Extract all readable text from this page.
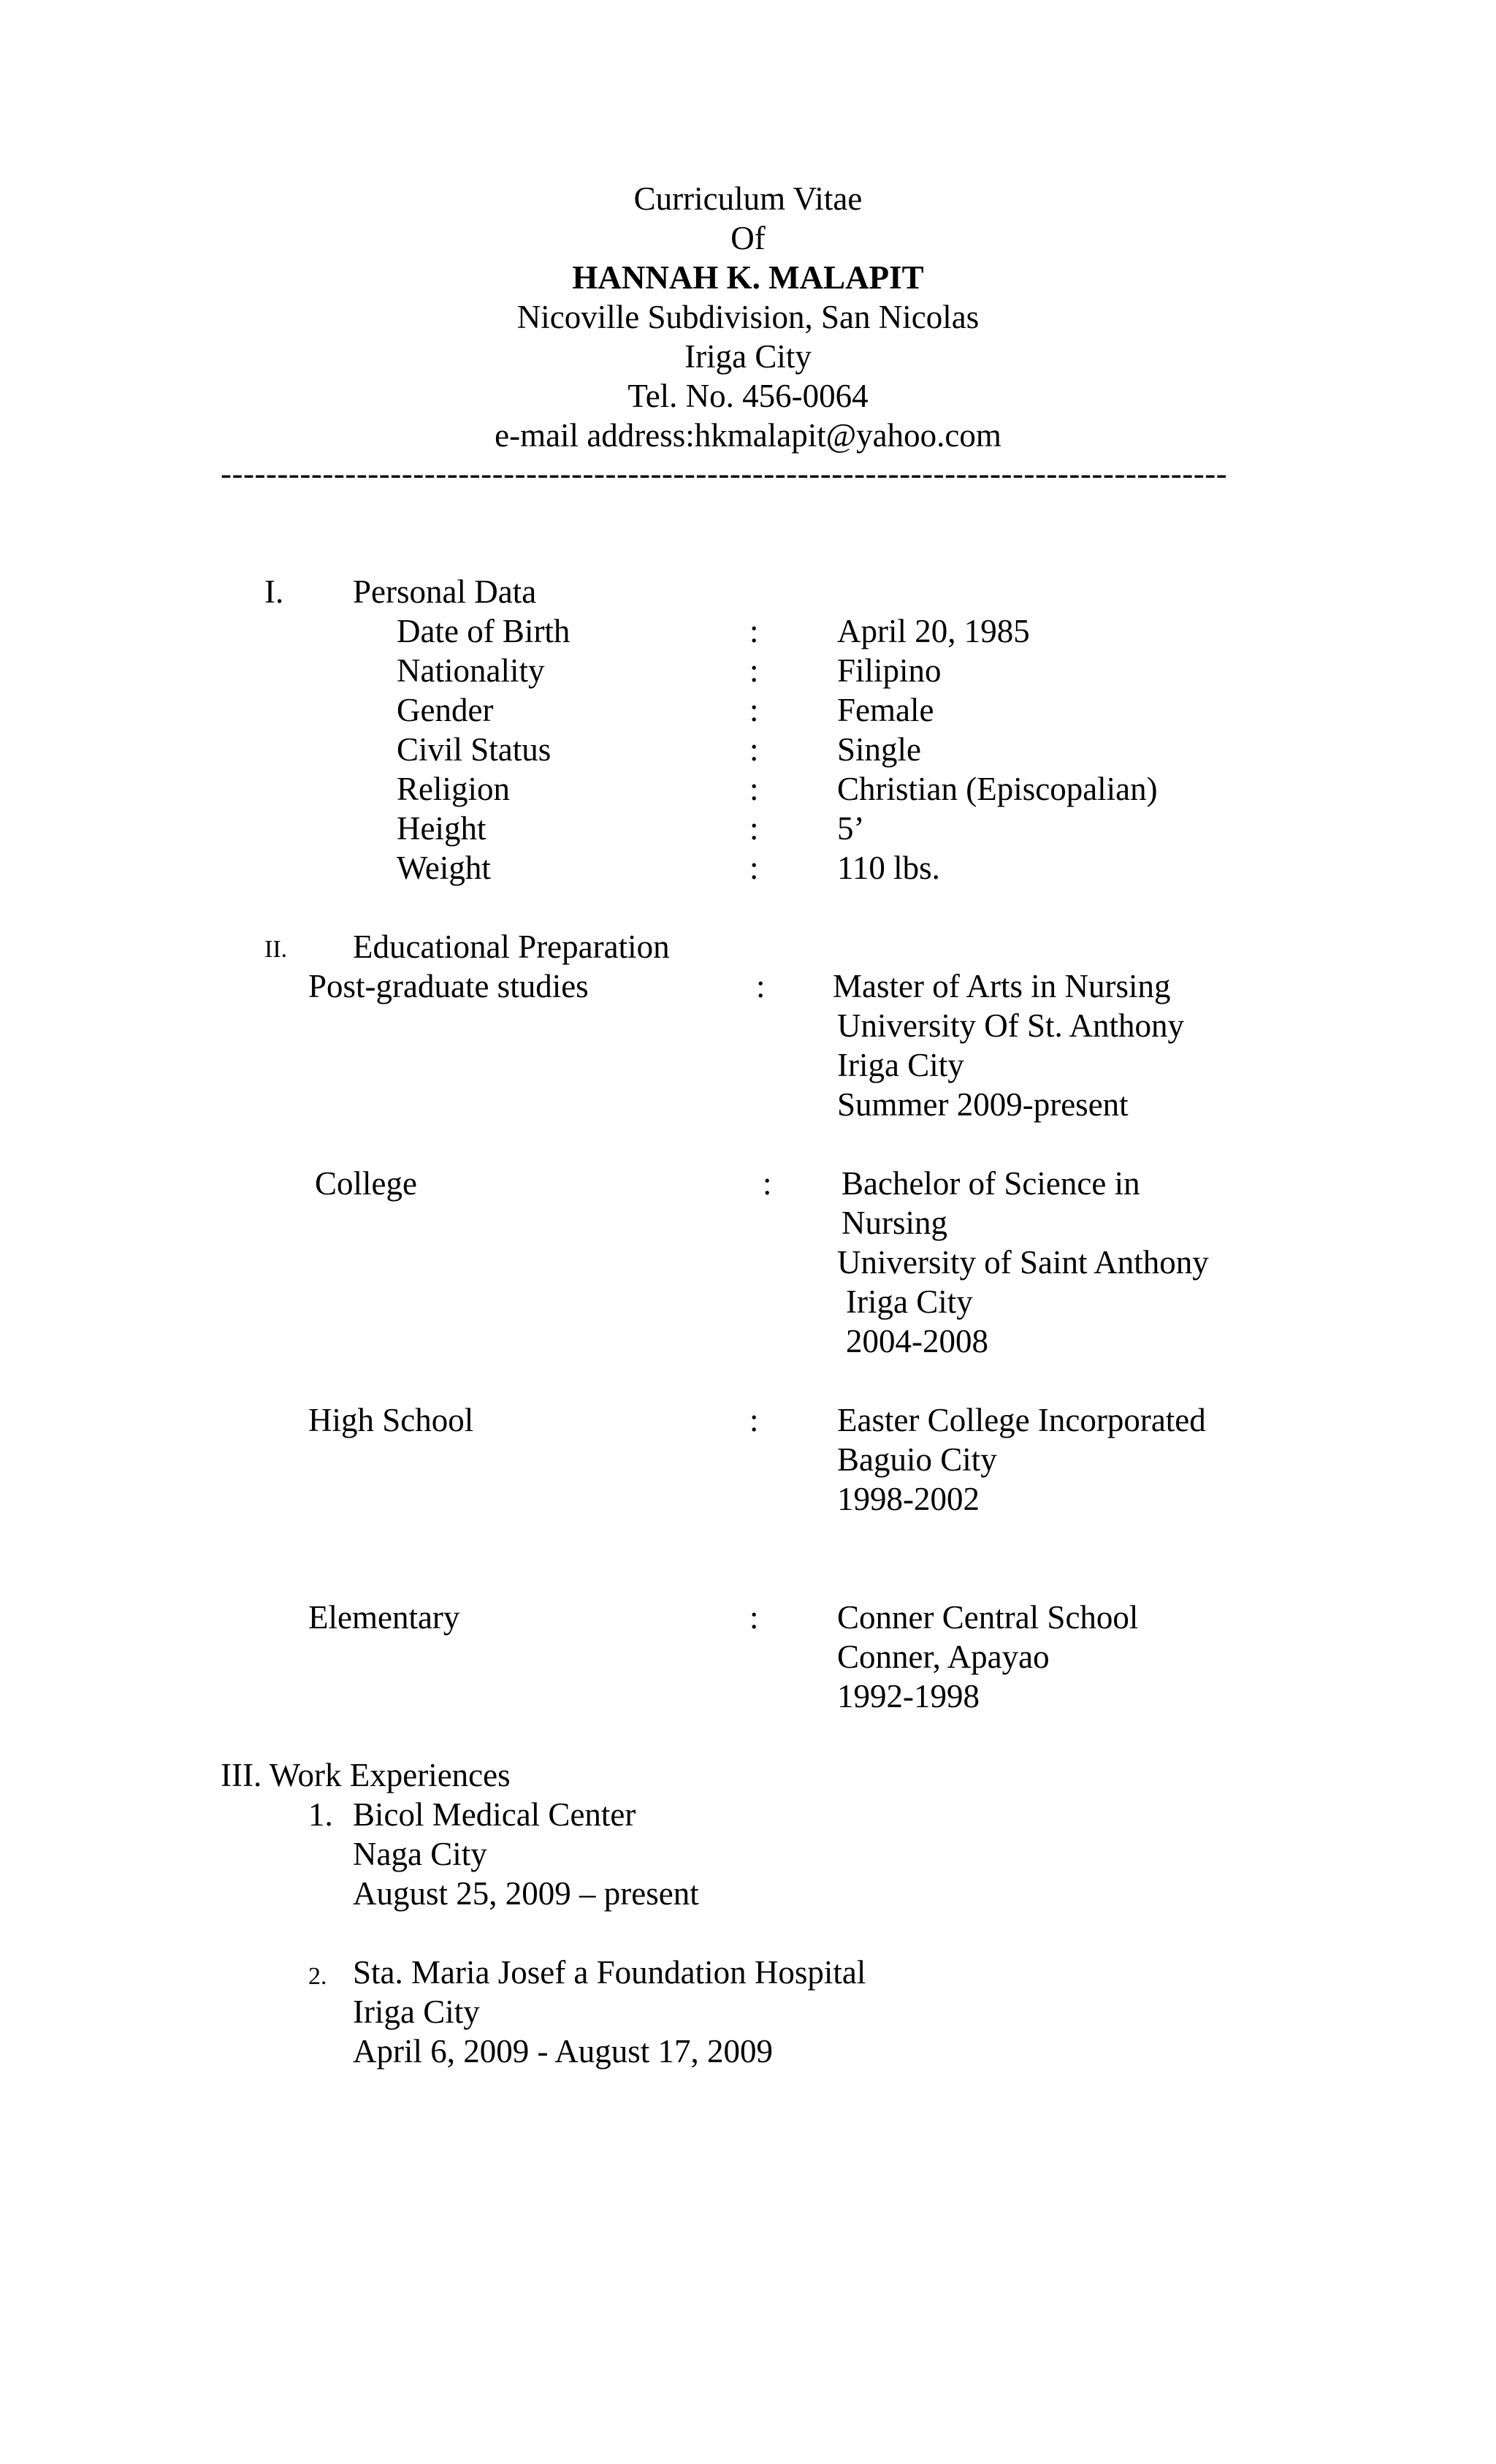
Curriculum Vitae
Of
HANNAH K. MALAPIT
Nicoville Subdivision, San Nicolas
Iriga City
Tel. No. 456-0064
e-mail address:hkmalapit@yahoo.com
-----------------------------------------------------------------------------------------
I. Personal Data
Date of Birth	: April 20, 1985
Nationality	: Filipino
Gender	: Female
Civil Status	: Single
Religion	: Christian (Episcopalian)
Height	: 5’
Weight	: 110 lbs.
II. Educational Preparation
Post-graduate studies	: Master of Arts in Nursing
University Of St. Anthony
Iriga City
Summer 2009-present
College	: Bachelor of Science in
Nursing
University of Saint Anthony
Iriga City
2004-2008
High School	: Easter College Incorporated
Baguio City
1998-2002
Elementary	: Conner Central School
Conner, Apayao
1992-1998
III. Work Experiences
1. Bicol Medical Center
Naga City
August 25, 2009 – present
2. Sta. Maria Josef a Foundation Hospital
Iriga City
April 6, 2009 - August 17, 2009
